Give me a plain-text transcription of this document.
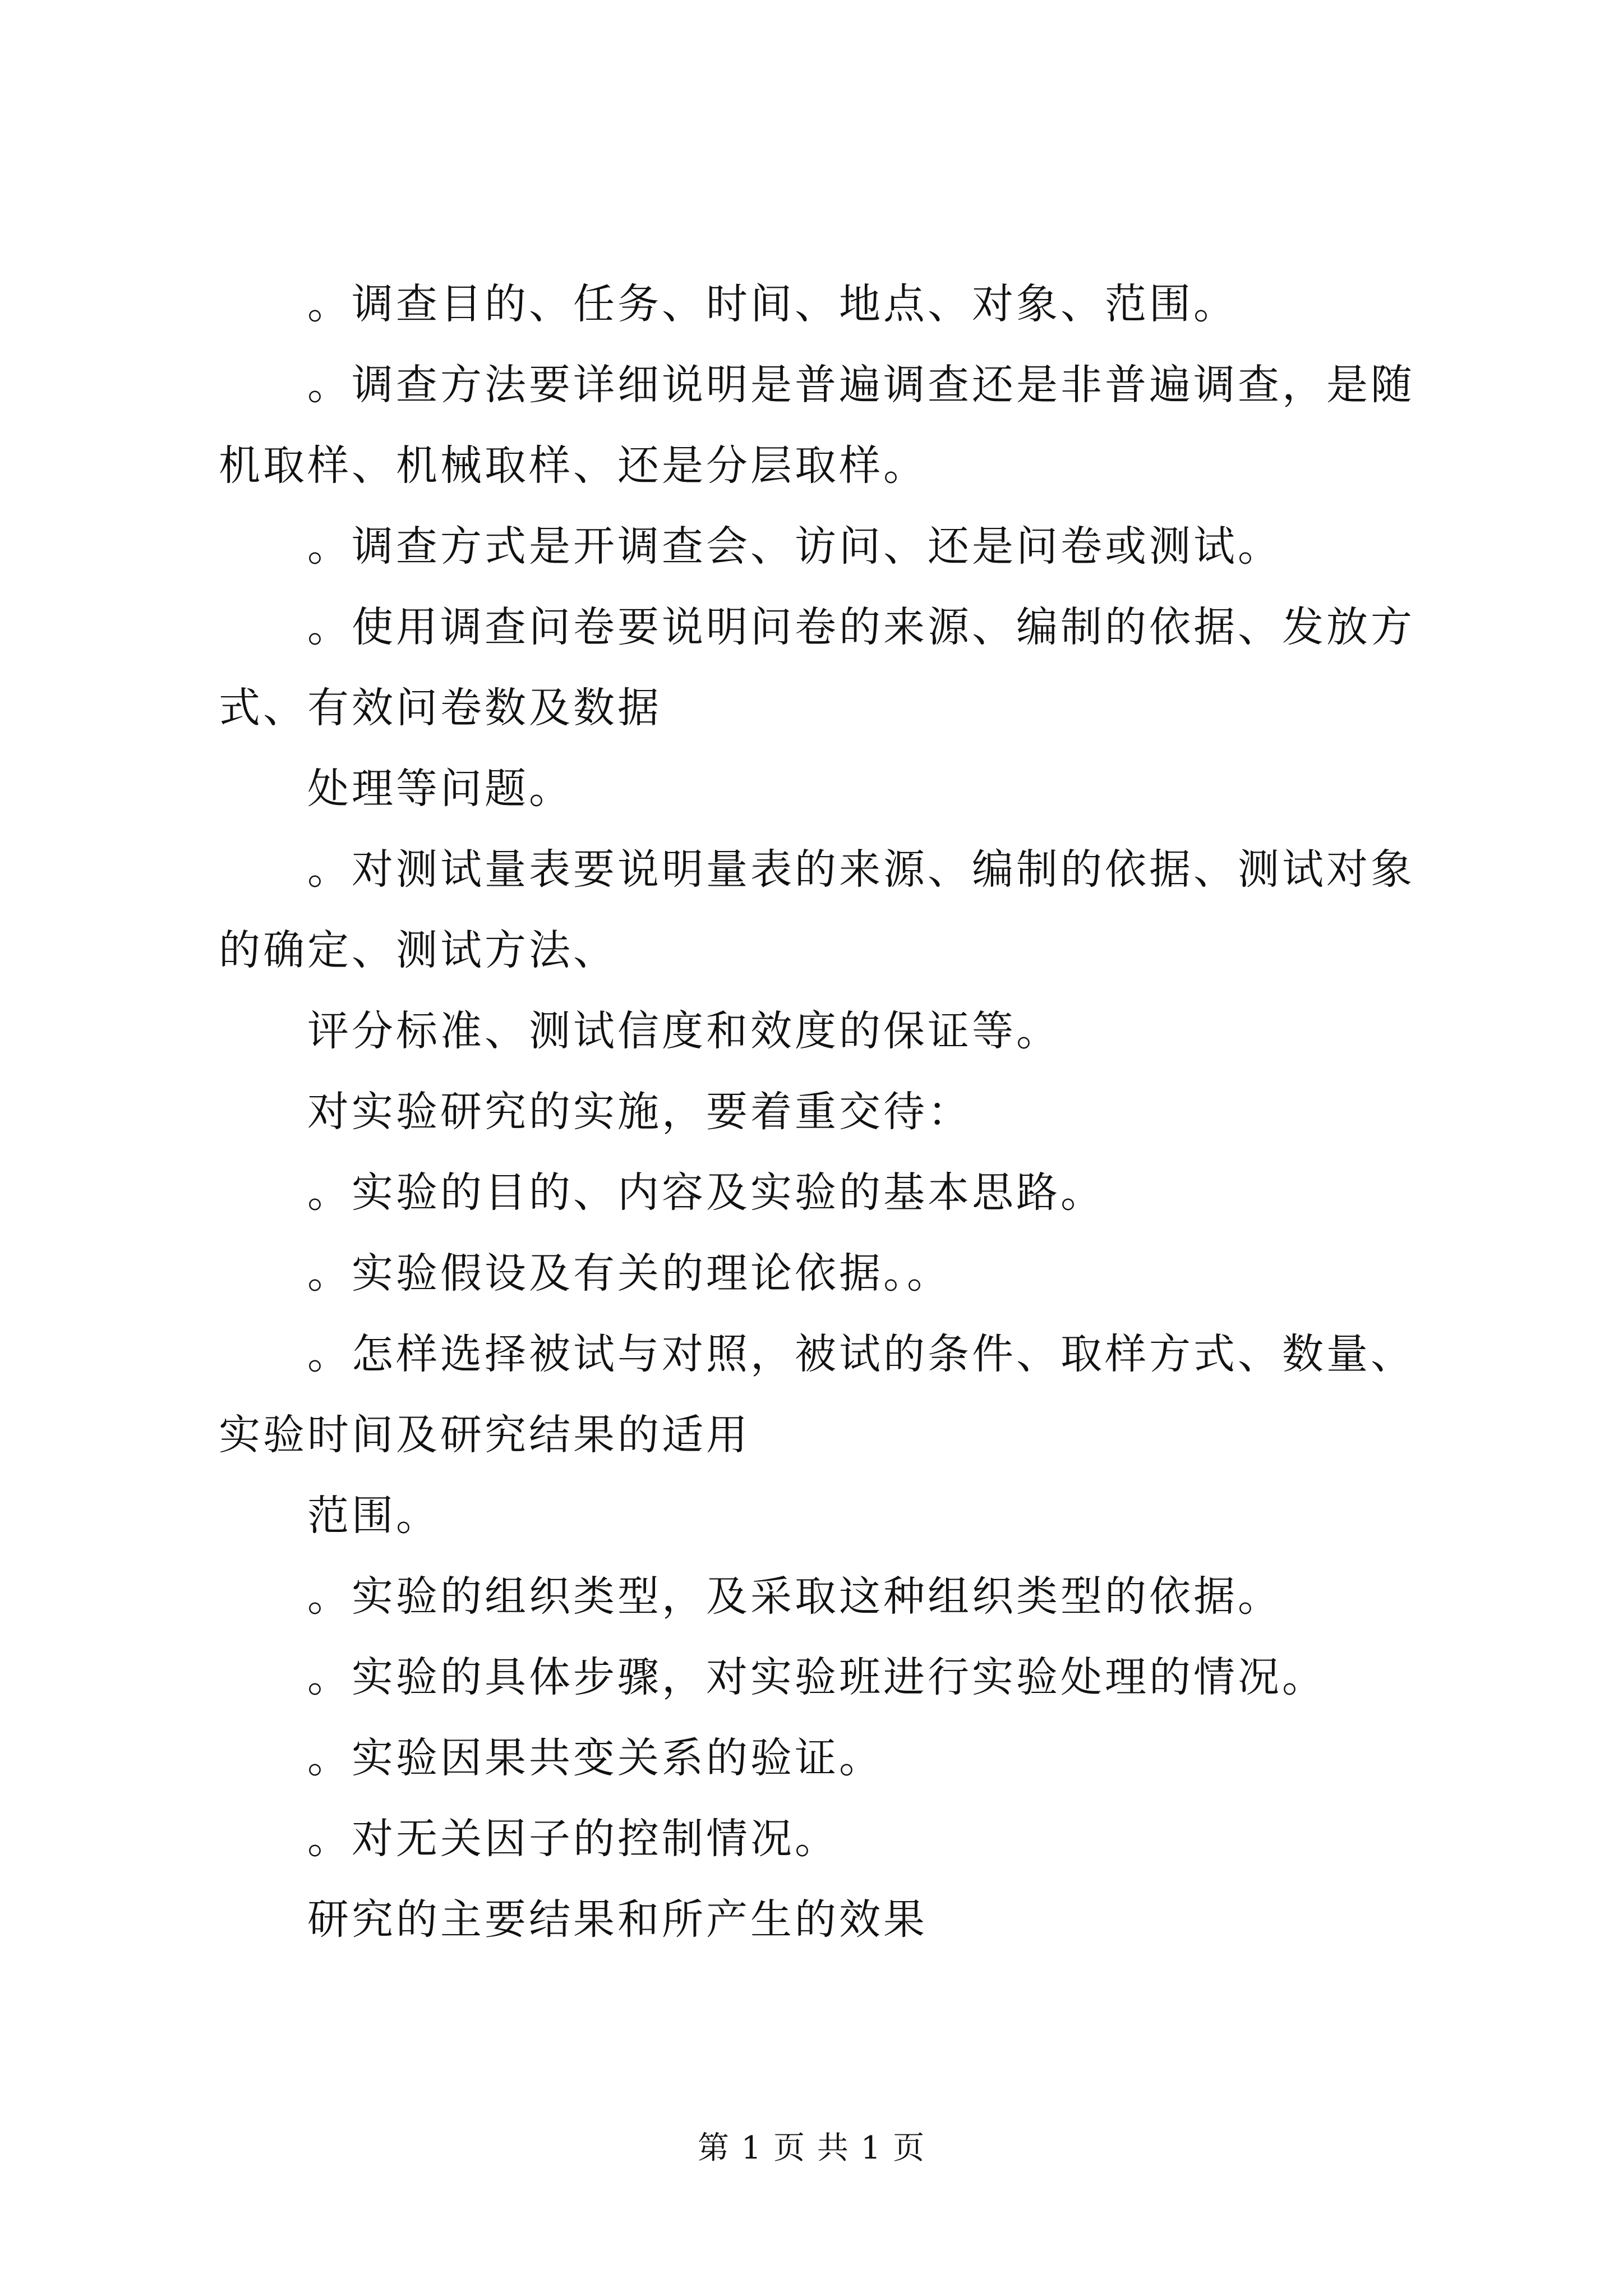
。调查目的、任务、时间、地点、对象、范围。

。调查方法要详细说明是普遍调查还是非普遍调查，是随机取样、机械取样、还是分层取样。

。调查方式是开调查会、访问、还是问卷或测试。

。使用调查问卷要说明问卷的来源、编制的依据、发放方式、有效问卷数及数据

处理等问题。

。对测试量表要说明量表的来源、编制的依据、测试对象的确定、测试方法、

评分标准、测试信度和效度的保证等。

对实验研究的实施，要着重交待：

。实验的目的、内容及实验的基本思路。

。实验假设及有关的理论依据。。

。怎样选择被试与对照，被试的条件、取样方式、数量、实验时间及研究结果的适用

范围。

。实验的组织类型，及采取这种组织类型的依据。

。实验的具体步骤，对实验班进行实验处理的情况。

。实验因果共变关系的验证。

。对无关因子的控制情况。

研究的主要结果和所产生的效果

第 1 页 共 1 页
